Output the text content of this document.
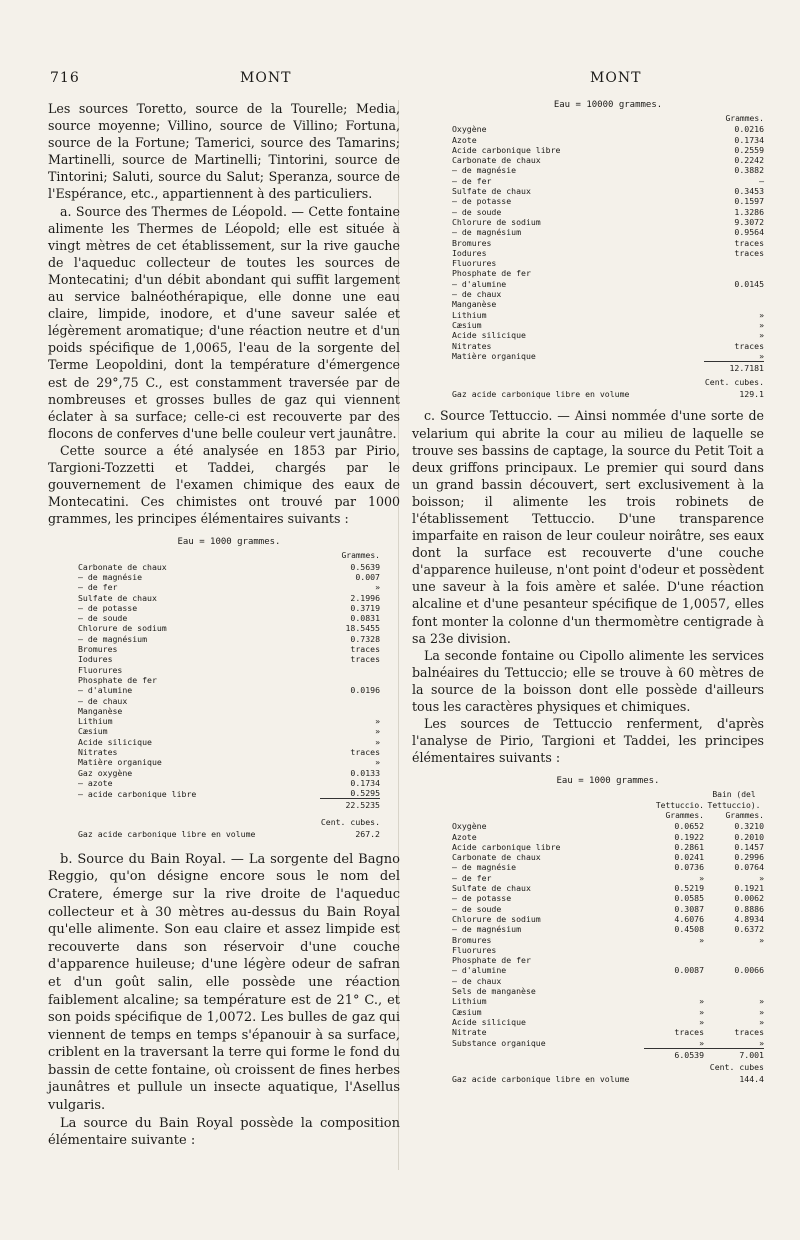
716	MONT	MONT

Les sources Toretto, source de la Tourelle; Media, source moyenne; Villino, source de Villino; Fortuna, source de la Fortune; Tamerici, source des Tamarins; Martinelli, source de Martinelli; Tintorini, source de Tintorini; Saluti, source du Salut; Speranza, source de l'Espérance, etc., appartiennent à des particuliers.

a. Source des Thermes de Léopold. — Cette fontaine alimente les Thermes de Léopold; elle est située à vingt mètres de cet établissement, sur la rive gauche de l'aqueduc collecteur de toutes les sources de Montecatini; d'un débit abondant qui suffit largement au service balnéothérapique, elle donne une eau claire, limpide, inodore, et d'une saveur salée et légèrement aromatique; d'une réaction neutre et d'un poids spécifique de 1,0065, l'eau de la sorgente del Terme Leopoldini, dont la température d'émergence est de 29°,75 C., est constamment traversée par de nombreuses et grosses bulles de gaz qui viennent éclater à sa surface; celle-ci est recouverte par des flocons de conferves d'une belle couleur vert jaunâtre.

Cette source a été analysée en 1853 par Pirio, Targioni-Tozzetti et Taddei, chargés par le gouvernement de l'examen chimique des eaux de Montecatini. Ces chimistes ont trouvé par 1000 grammes, les principes élémentaires suivants :

Eau = 1000 grammes.
	Grammes.
Carbonate de chaux	0.5639
— de magnésie	0.007
— de fer	»
Sulfate de chaux	2.1996
— de potasse	0.3719
— de soude	0.0831
Chlorure de sodium	18.5455
— de magnésium	0.7328
Bromures	traces
Iodures	traces
Fluorures	
Phosphate de fer	
— d'alumine	0.0196
— de chaux	
Manganèse	
Lithium	»
Cæsium	»
Acide silicique	»
Nitrates	traces
Matière organique	»
Gaz oxygène	0.0133
— azote	0.1734
— acide carbonique libre	0.5295
	22.5235
Cent. cubes.
Gaz acide carbonique libre en volume	267.2

b. Source du Bain Royal. — La sorgente del Bagno Reggio, qu'on désigne encore sous le nom del Cratere, émerge sur la rive droite de l'aqueduc collecteur et à 30 mètres au-dessus du Bain Royal qu'elle alimente. Son eau claire et assez limpide est recouverte dans son réservoir d'une couche d'apparence huileuse; d'une légère odeur de safran et d'un goût salin, elle possède une réaction faiblement alcaline; sa température est de 21° C., et son poids spécifique de 1,0072. Les bulles de gaz qui viennent de temps en temps s'épanouir à sa surface, criblent en la traversant la terre qui forme le fond du bassin de cette fontaine, où croissent de fines herbes jaunâtres et pullule un insecte aquatique, l'Asellus vulgaris.

La source du Bain Royal possède la composition élémentaire suivante :

Eau = 10000 grammes.
	Grammes.
Oxygène	0.0216
Azote	0.1734
Acide carbonique libre	0.2559
Carbonate de chaux	0.2242
— de magnésie	0.3882
— de fer	—
Sulfate de chaux	0.3453
— de potasse	0.1597
— de soude	1.3286
Chlorure de sodium	9.3072
— de magnésium	0.9564
Bromures	traces
Iodures	traces
Fluorures	
Phosphate de fer	
— d'alumine	0.0145
— de chaux	
Manganèse	
Lithium	»
Cæsium	»
Acide silicique	»
Nitrates	traces
Matière organique	»
	12.7181
Cent. cubes.
Gaz acide carbonique libre en volume	129.1

c. Source Tettuccio. — Ainsi nommée d'une sorte de velarium qui abrite la cour au milieu de laquelle se trouve ses bassins de captage, la source du Petit Toit a deux griffons principaux. Le premier qui sourd dans un grand bassin découvert, sert exclusivement à la boisson; il alimente les trois robinets de l'établissement Tettuccio. D'une transparence imparfaite en raison de leur couleur noirâtre, ses eaux dont la surface est recouverte d'une couche d'apparence huileuse, n'ont point d'odeur et possèdent une saveur à la fois amère et salée. D'une réaction alcaline et d'une pesanteur spécifique de 1,0057, elles font monter la colonne d'un thermomètre centigrade à sa 23e division.

La seconde fontaine ou Cipollo alimente les services balnéaires du Tettuccio; elle se trouve à 60 mètres de la source de la boisson dont elle possède d'ailleurs tous les caractères physiques et chimiques.

Les sources de Tettuccio renferment, d'après l'analyse de Pirio, Targioni et Taddei, les principes élémentaires suivants :

Eau = 1000 grammes.
	Tettuccio.	Bain (del Tettuccio).
	Grammes.	Grammes.
Oxygène	0.0652	0.3210
Azote	0.1922	0.2010
Acide carbonique libre	0.2861	0.1457
Carbonate de chaux	0.0241	0.2996
— de magnésie	0.0736	0.0764
— de fer	»	»
Sulfate de chaux	0.5219	0.1921
— de potasse	0.0585	0.0062
— de soude	0.3087	0.8886
Chlorure de sodium	4.6076	4.8934
— de magnésium	0.4508	0.6372
Bromures	»	»
Fluorures		
Phosphate de fer		
— d'alumine	0.0087	0.0066
— de chaux		
Sels de manganèse		
Lithium	»	»
Cæsium	»	»
Acide silicique	»	»
Nitrate	traces	traces
Substance organique	»	»
	6.0539	7.001
Cent. cubes
Gaz acide carbonique libre en volume	144.4
